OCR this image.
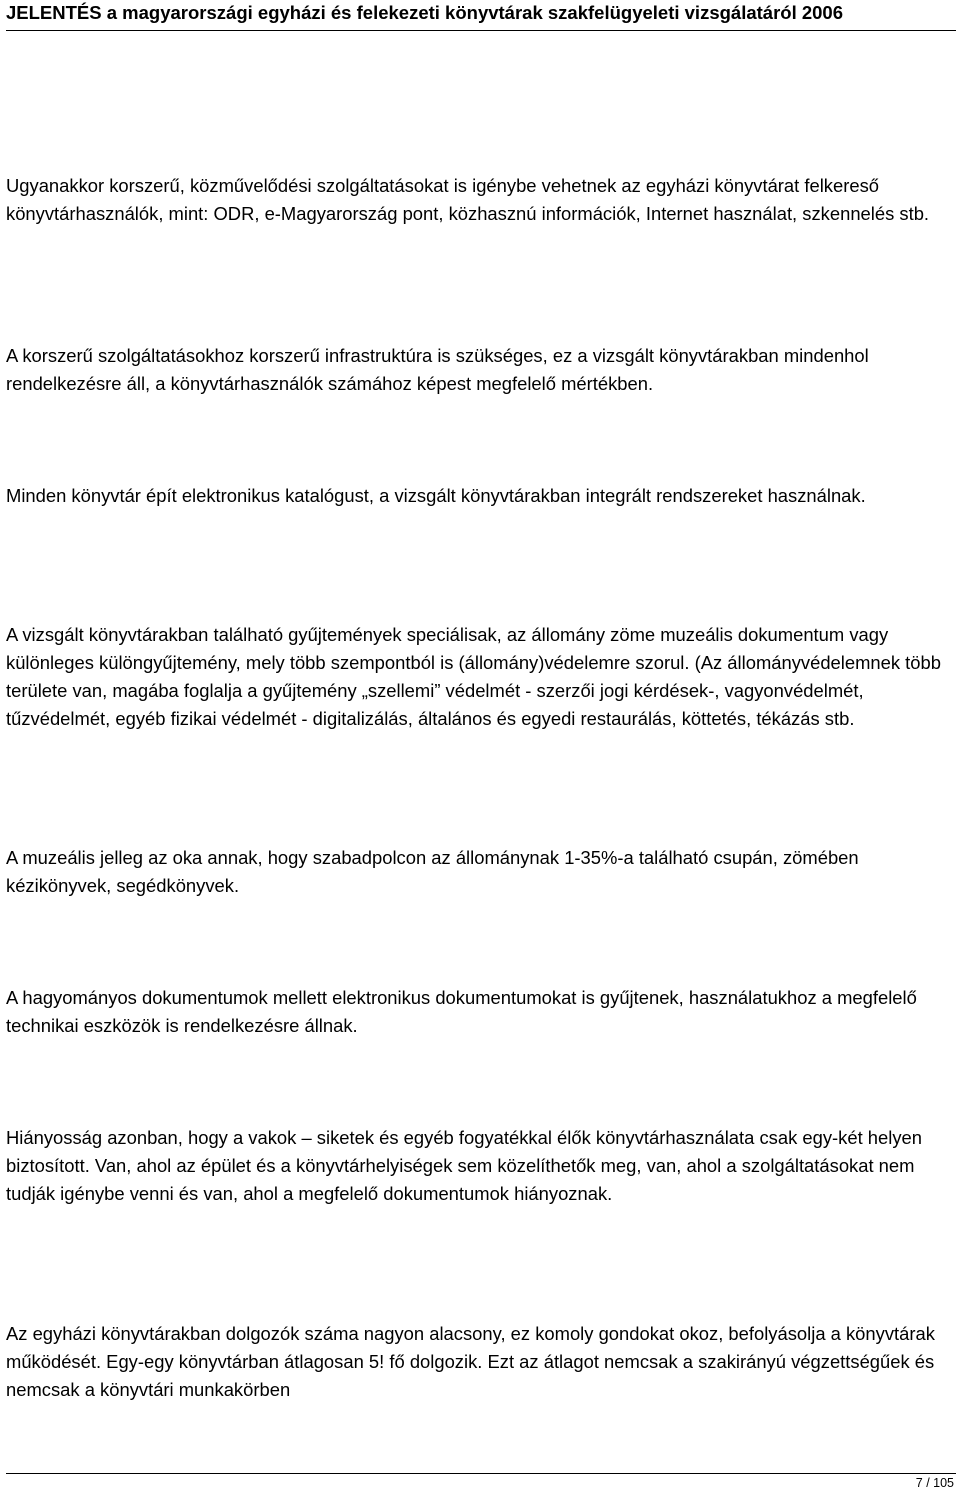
JELENTÉS a magyarországi egyházi és felekezeti könyvtárak szakfelügyeleti vizsgálatáról 2006
Ugyanakkor korszerű, közművelődési szolgáltatásokat is igénybe vehetnek az egyházi könyvtárat felkereső könyvtárhasználók, mint: ODR, e-Magyarország pont, közhasznú információk, Internet használat, szkennelés stb.
A korszerű szolgáltatásokhoz korszerű infrastruktúra is szükséges, ez a vizsgált könyvtárakban mindenhol rendelkezésre áll, a könyvtárhasználók számához képest megfelelő mértékben.
Minden könyvtár épít elektronikus katalógust, a vizsgált könyvtárakban integrált rendszereket használnak.
A vizsgált könyvtárakban található gyűjtemények speciálisak, az állomány zöme muzeális dokumentum vagy különleges különgyűjtemény, mely több szempontból is (állomány)védelemre szorul. (Az állományvédelemnek több területe van, magába foglalja a gyűjtemény „szellemi” védelmét - szerzői jogi kérdések-, vagyonvédelmét, tűzvédelmét, egyéb fizikai védelmét - digitalizálás, általános és egyedi restaurálás, köttetés, tékázás stb.
A muzeális jelleg az oka annak, hogy szabadpolcon az állománynak 1-35%-a található csupán, zömében kézikönyvek, segédkönyvek.
A hagyományos dokumentumok mellett elektronikus dokumentumokat is gyűjtenek, használatukhoz a megfelelő technikai eszközök is rendelkezésre állnak.
Hiányosság azonban, hogy a vakok – siketek és egyéb fogyatékkal élők könyvtárhasználata csak egy-két helyen biztosított. Van, ahol az épület és a könyvtárhelyiségek sem közelíthetők meg, van, ahol a szolgáltatásokat nem tudják igénybe venni és van, ahol a megfelelő dokumentumok hiányoznak.
Az egyházi könyvtárakban dolgozók száma nagyon alacsony, ez komoly gondokat okoz, befolyásolja a könyvtárak működését. Egy-egy könyvtárban átlagosan 5! fő dolgozik. Ezt az átlagot nemcsak a szakirányú végzettségűek és nemcsak a könyvtári munkakörben
7 / 105
